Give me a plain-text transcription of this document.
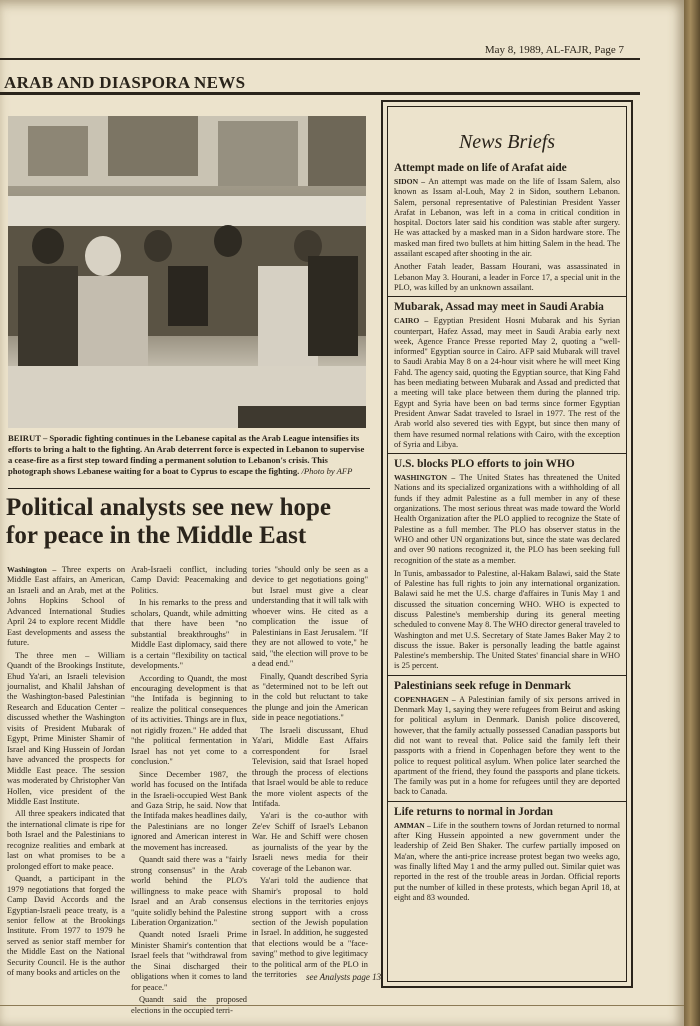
May 8, 1989, AL-FAJR, Page 7
ARAB AND DIASPORA NEWS

BEIRUT – Sporadic fighting continues in the Lebanese capital as the Arab League intensifies its efforts to bring a halt to the fighting. An Arab deterrent force is expected in Lebanon to supervise a cease-fire as a first step toward finding a permanent solution to Lebanon's crisis. This photograph shows Lebanese waiting for a boat to Cyprus to escape the fighting. /Photo by AFP

Political analysts see new hope for peace in the Middle East

Washington – Three experts on Middle East affairs, an American, an Israeli and an Arab, met at the Johns Hopkins School of Advanced International Studies April 24 to explore recent Middle East developments and assess the future.

The three men – William Quandt of the Brookings Institute, Ehud Ya'ari, an Israeli television journalist, and Khalil Jahshan of the Washington-based Palestinian Research and Education Center – discussed whether the Washington visits of President Mubarak of Egypt, Prime Minister Shamir of Israel and King Hussein of Jordan have advanced the prospects for Middle East peace. The session was moderated by Christopher Van Hollen, vice president of the Middle East Institute.

All three speakers indicated that the international climate is ripe for both Israel and the Palestinians to recognize realities and embark at last on what promises to be a prolonged effort to make peace.

Quandt, a participant in the 1979 negotiations that forged the Camp David Accords and the Egyptian-Israeli peace treaty, is a senior fellow at the Brookings Institute. From 1977 to 1979 he served as senior staff member for the Middle East on the National Security Council. He is the author of many books and articles on the

Arab-Israeli conflict, including Camp David: Peacemaking and Politics.

In his remarks to the press and scholars, Quandt, while admitting that there have been "no substantial breakthroughs" in Middle East diplomacy, said there is a certain "flexibility on tactical developments."

According to Quandt, the most encouraging development is that "the Intifada is beginning to realize the political consequences of its activities. Things are in flux, not rigidly frozen." He added that "the political fermentation in Israel has not yet come to a conclusion."

Since December 1987, the world has focused on the Intifada in the Israeli-occupied West Bank and Gaza Strip, he said. Now that the Intifada makes headlines daily, the Palestinians are no longer ignored and American interest in the movement has increased.

Quandt said there was a "fairly strong consensus" in the Arab world behind the PLO's willingness to make peace with Israel and an Arab consensus "quite solidly behind the Palestine Liberation Organization."

Quandt noted Israeli Prime Minister Shamir's contention that Israel feels that "withdrawal from the Sinai discharged their obligations when it comes to land for peace."

Quandt said the proposed elections in the occupied terri-

tories "should only be seen as a device to get negotiations going" but Israel must give a clear understanding that it will talk with whoever wins. He cited as a complication the issue of Palestinians in East Jerusalem. "If they are not allowed to vote," he said, "the election will prove to be a dead end."

Finally, Quandt described Syria as "determined not to be left out in the cold but reluctant to take the plunge and join the American side in peace negotiations."

The Israeli discussant, Ehud Ya'ari, Middle East Affairs correspondent for Israel Television, said that Israel hoped through the process of elections that Israel would be able to reduce the more violent aspects of the Intifada.

Ya'ari is the co-author with Ze'ev Schiff of Israel's Lebanon War. He and Schiff were chosen as journalists of the year by the Israeli news media for their coverage of the Lebanon war.

Ya'ari told the audience that Shamir's proposal to hold elections in the territories enjoys strong support with a cross section of the Jewish population in Israel. In addition, he suggested that elections would be a "face-saving" method to give legitimacy to the political arm of the PLO in the territories	see Analysts page 13
News Briefs
Attempt made on life of Arafat aide

SIDON – An attempt was made on the life of Issam Salem, also known as Issam al-Louh, May 2 in Sidon, southern Lebanon. Salem, personal representative of Palestinian President Yasser Arafat in Lebanon, was left in a coma in critical condition in hospital. Doctors later said his condition was stable after surgery. He was attacked by a masked man in a Sidon hardware store. The masked man fired two bullets at him hitting Salem in the head. The assailant escaped after shooting in the air.

Another Fatah leader, Bassam Hourani, was assassinated in Lebanon May 3. Hourani, a leader in Force 17, a special unit in the PLO, was killed by an unknown assailant.

Mubarak, Assad may meet in Saudi Arabia

CAIRO – Egyptian President Hosni Mubarak and his Syrian counterpart, Hafez Assad, may meet in Saudi Arabia early next week, Agence France Presse reported May 2, quoting a "well-informed" Egyptian source in Cairo. AFP said Mubarak will travel to Saudi Arabia May 8 on a 24-hour visit where he will meet King Fahd. The agency said, quoting the Egyptian source, that King Fahd has been mediating between Mubarak and Assad and predicted that a meeting will take place between them during the planned trip. Egypt and Syria have been on bad terms since former Egyptian President Anwar Sadat traveled to Israel in 1977. The rest of the Arab world also severed ties with Egypt, but since then many of them have resumed normal relations with Cairo, with the exception of Syria and Libya.

U.S. blocks PLO efforts to join WHO

WASHINGTON – The United States has threatened the United Nations and its specialized organizations with a withholding of all funds if they admit Palestine as a full member in any of these organizations. The most serious threat was made toward the World Health Organization after the PLO applied to recognize the State of Palestine as a full member. The PLO has observer status in the WHO and other UN organizations but, since the state was declared and over 90 nations recognized it, the PLO has been seeking full recognition of the state as a member.

In Tunis, ambassador to Palestine, al-Hakam Balawi, said the State of Palestine has full rights to join any international organization. Balawi said he met the U.S. charge d'affaires in Tunis May 1 and discussed the situation concerning WHO. WHO is expected to discuss Palestine's membership during its general meeting scheduled to convene May 8. The WHO director general traveled to Washington and met U.S. Secretary of State James Baker May 2 to discuss the issue. Baker is personally leading the battle against Palestine's membership. The United States' financial share in WHO is 25 percent.

Palestinians seek refuge in Denmark

COPENHAGEN – A Palestinian family of six persons arrived in Denmark May 1, saying they were refugees from Beirut and asking for political asylum in Denmark. Danish police discovered, however, that the family actually possessed Canadian passports but did not want to reveal that. Police said the family left their passports with a friend in Copenhagen before they went to the police to request political asylum. When police later searched the apartment of the friend, they found the passports and plane tickets. The family was put in a home for refugees until they are deported back to Canada.

Life returns to normal in Jordan

AMMAN – Life in the southern towns of Jordan returned to normal after King Hussein appointed a new government under the leadership of Zeid Ben Shaker. The curfew partially imposed on Ma'an, where the anti-price increase protest began two weeks ago, was finally lifted May 1 and the army pulled out. Similar quiet was reported in the rest of the trouble areas in Jordan. Official reports put the number of killed in these protests, which began April 18, at eight and 83 wounded.
